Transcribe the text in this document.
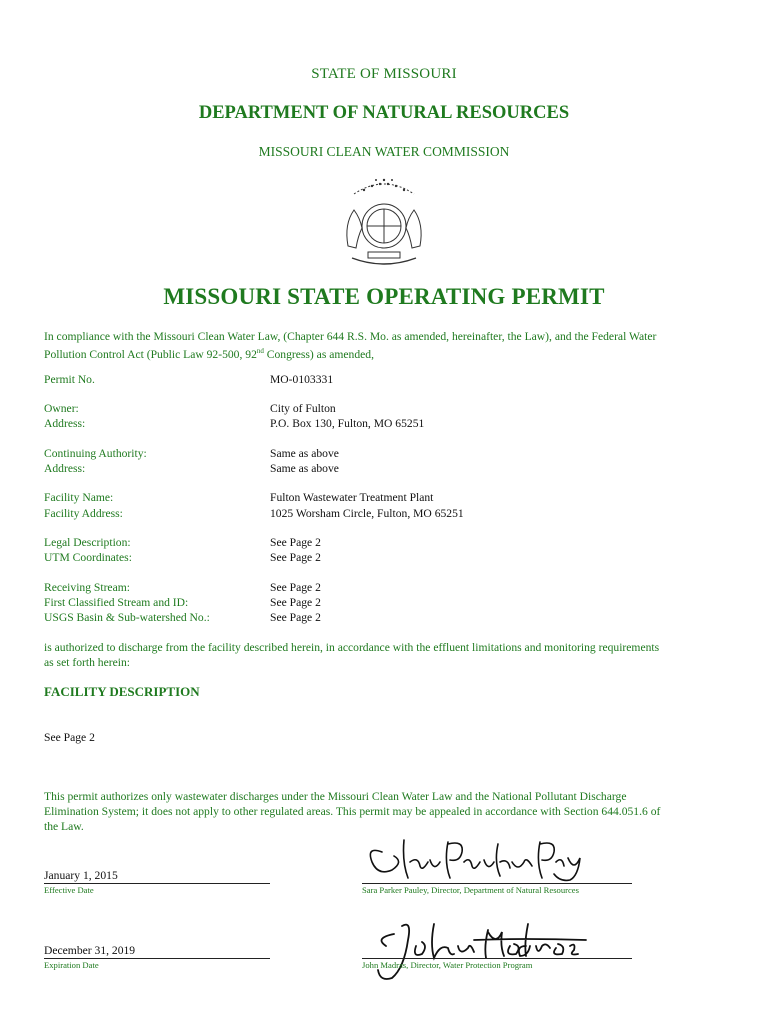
STATE OF MISSOURI
DEPARTMENT OF NATURAL RESOURCES
MISSOURI CLEAN WATER COMMISSION
MISSOURI STATE OPERATING PERMIT
In compliance with the Missouri Clean Water Law, (Chapter 644 R.S. Mo. as amended, hereinafter, the Law), and the Federal Water
Pollution Control Act (Public Law 92-500, 92nd Congress) as amended,
Permit No.	MO-0103331
Owner:	City of Fulton
Address:	P.O. Box 130, Fulton, MO 65251
Continuing Authority:	Same as above
Address:	Same as above
Facility Name:	Fulton Wastewater Treatment Plant
Facility Address:	1025 Worsham Circle, Fulton, MO 65251
Legal Description:	See Page 2
UTM Coordinates:	See Page 2
Receiving Stream:	See Page 2
First Classified Stream and ID:	See Page 2
USGS Basin & Sub-watershed No.:	See Page 2
is authorized to discharge from the facility described herein, in accordance with the effluent limitations and monitoring requirements
as set forth herein:
FACILITY DESCRIPTION
See Page 2
This permit authorizes only wastewater discharges under the Missouri Clean Water Law and the National Pollutant Discharge
Elimination System; it does not apply to other regulated areas. This permit may be appealed in accordance with Section 644.051.6 of
the Law.
January 1, 2015
Effective Date	Sara Parker Pauley, Director, Department of Natural Resources
December 31, 2019
Expiration Date	John Madras, Director, Water Protection Program
